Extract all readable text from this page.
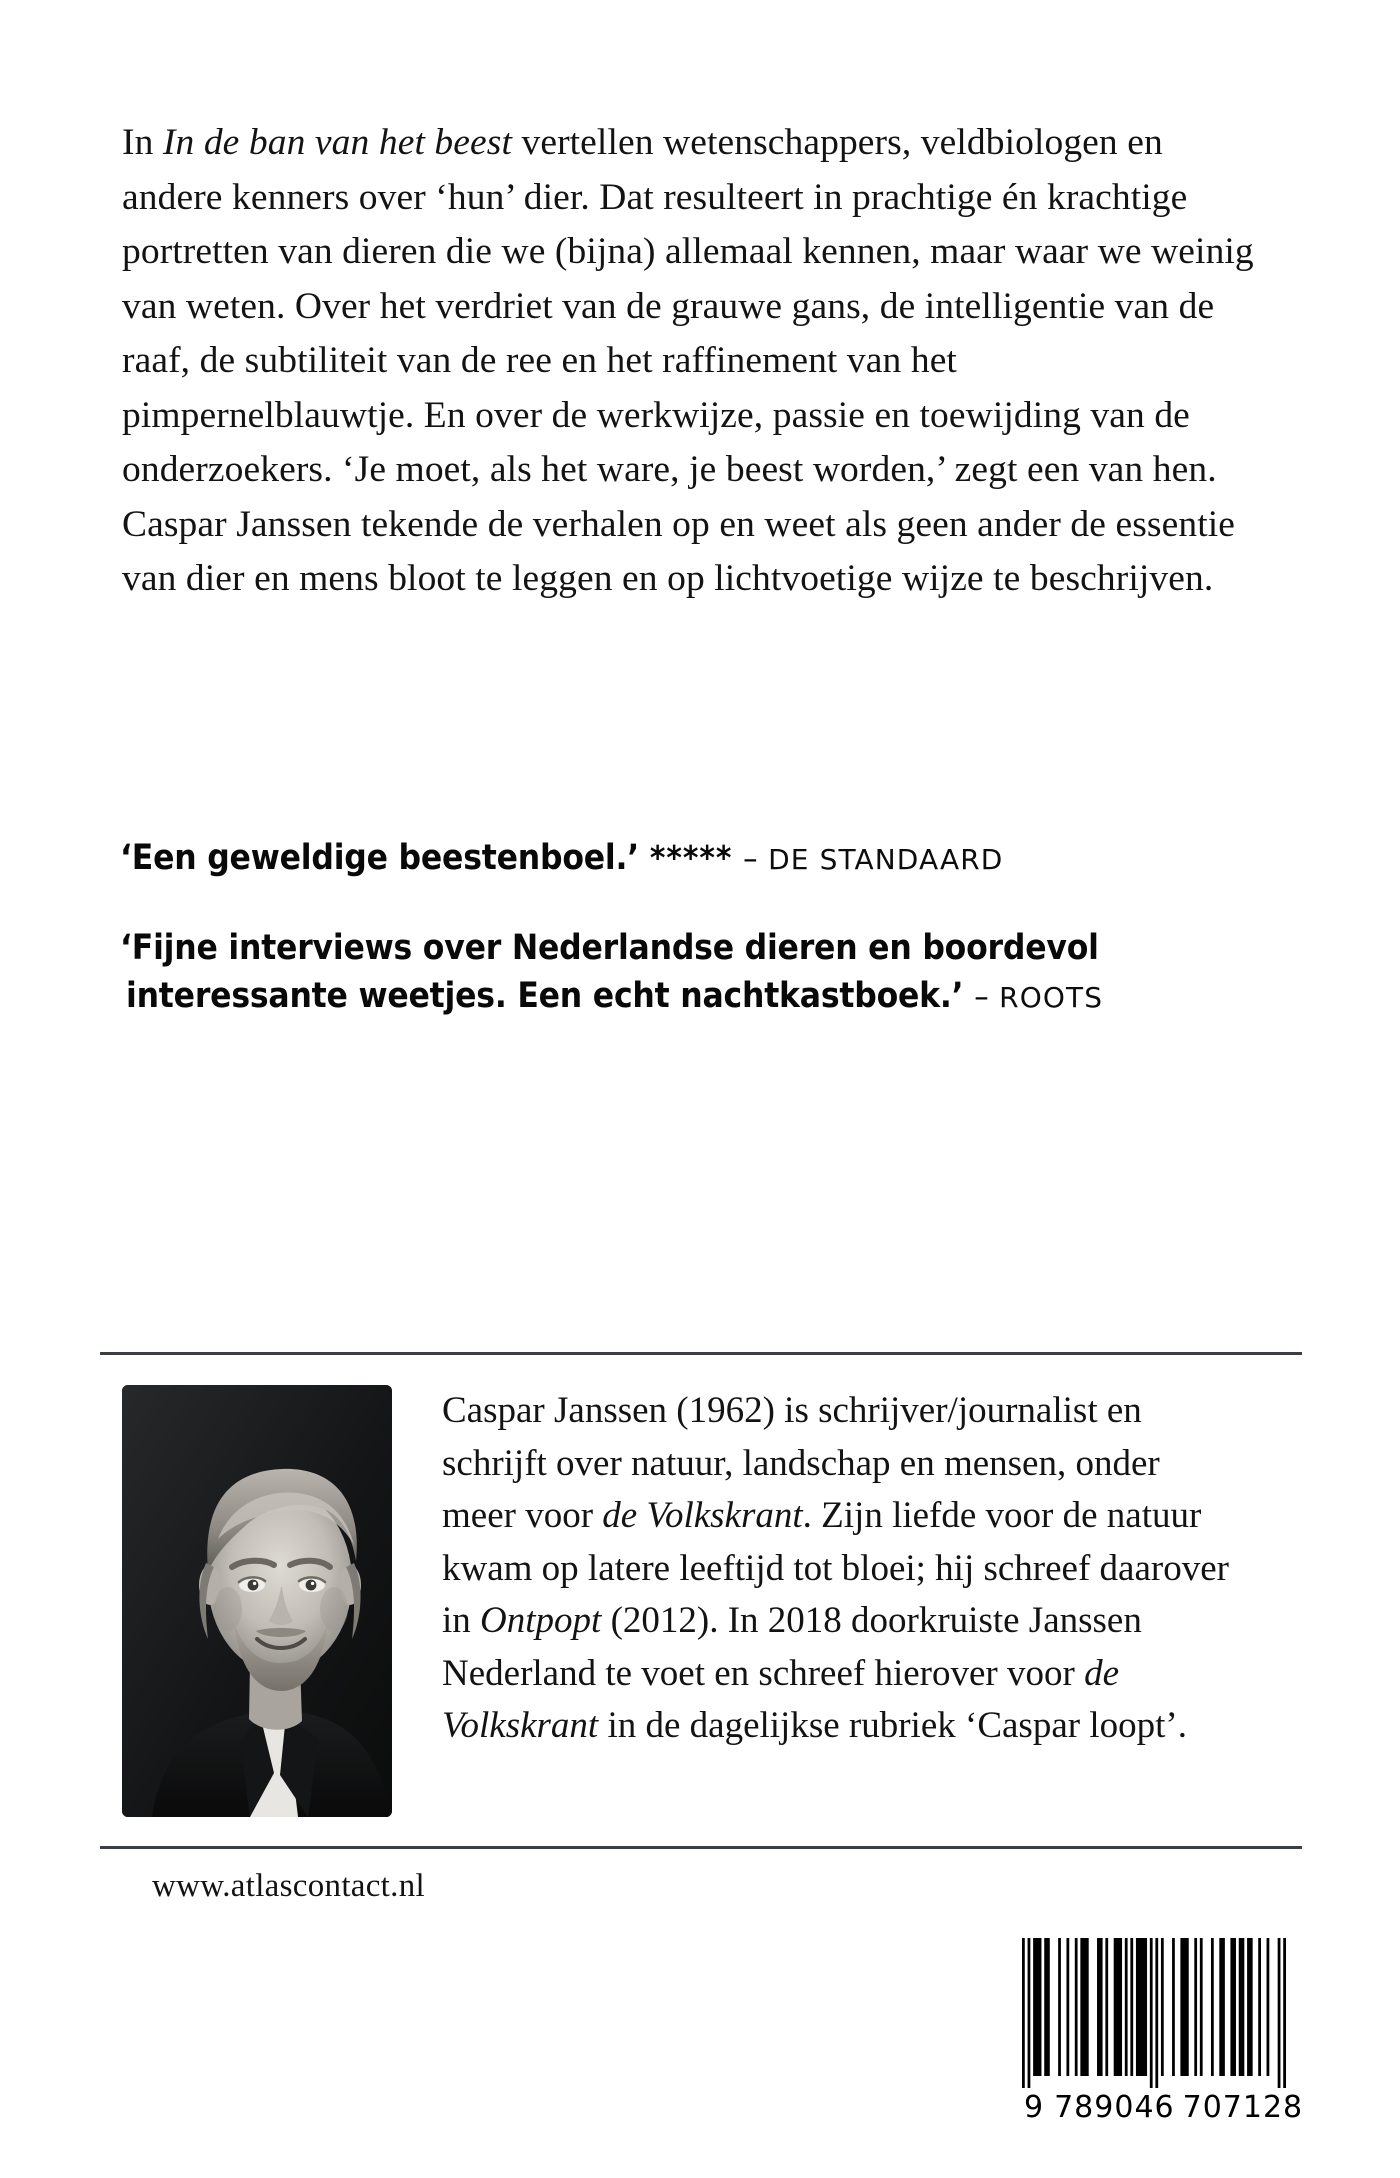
In In de ban van het beest vertellen wetenschappers, veldbiologen en andere kenners over ‘hun’ dier. Dat resulteert in prachtige én krachtige portretten van dieren die we (bijna) allemaal kennen, maar waar we weinig van weten. Over het verdriet van de grauwe gans, de intelligentie van de raaf, de subtiliteit van de ree en het raffinement van het pimpernelblauwtje. En over de werkwijze, passie en toewijding van de onderzoekers. ‘Je moet, als het ware, je beest worden,’ zegt een van hen.

Caspar Janssen tekende de verhalen op en weet als geen ander de essentie van dier en mens bloot te leggen en op lichtvoetige wijze te beschrijven.

‘Een geweldige beestenboel.’ ***** – DE STANDAARD
‘Fijne interviews over Nederlandse dieren en boordevol
interessante weetjes. Een echt nachtkastboek.’ – ROOTS

Caspar Janssen (1962) is schrijver/journalist en schrijft over natuur, landschap en mensen, onder meer voor de Volkskrant. Zijn liefde voor de natuur kwam op latere leeftijd tot bloei; hij schreef daarover in Ontpopt (2012). In 2018 doorkruiste Janssen Nederland te voet en schreef hierover voor de Volkskrant in de dagelijkse rubriek ‘Caspar loopt’.

www.atlascontact.nl
9 789046 707128
